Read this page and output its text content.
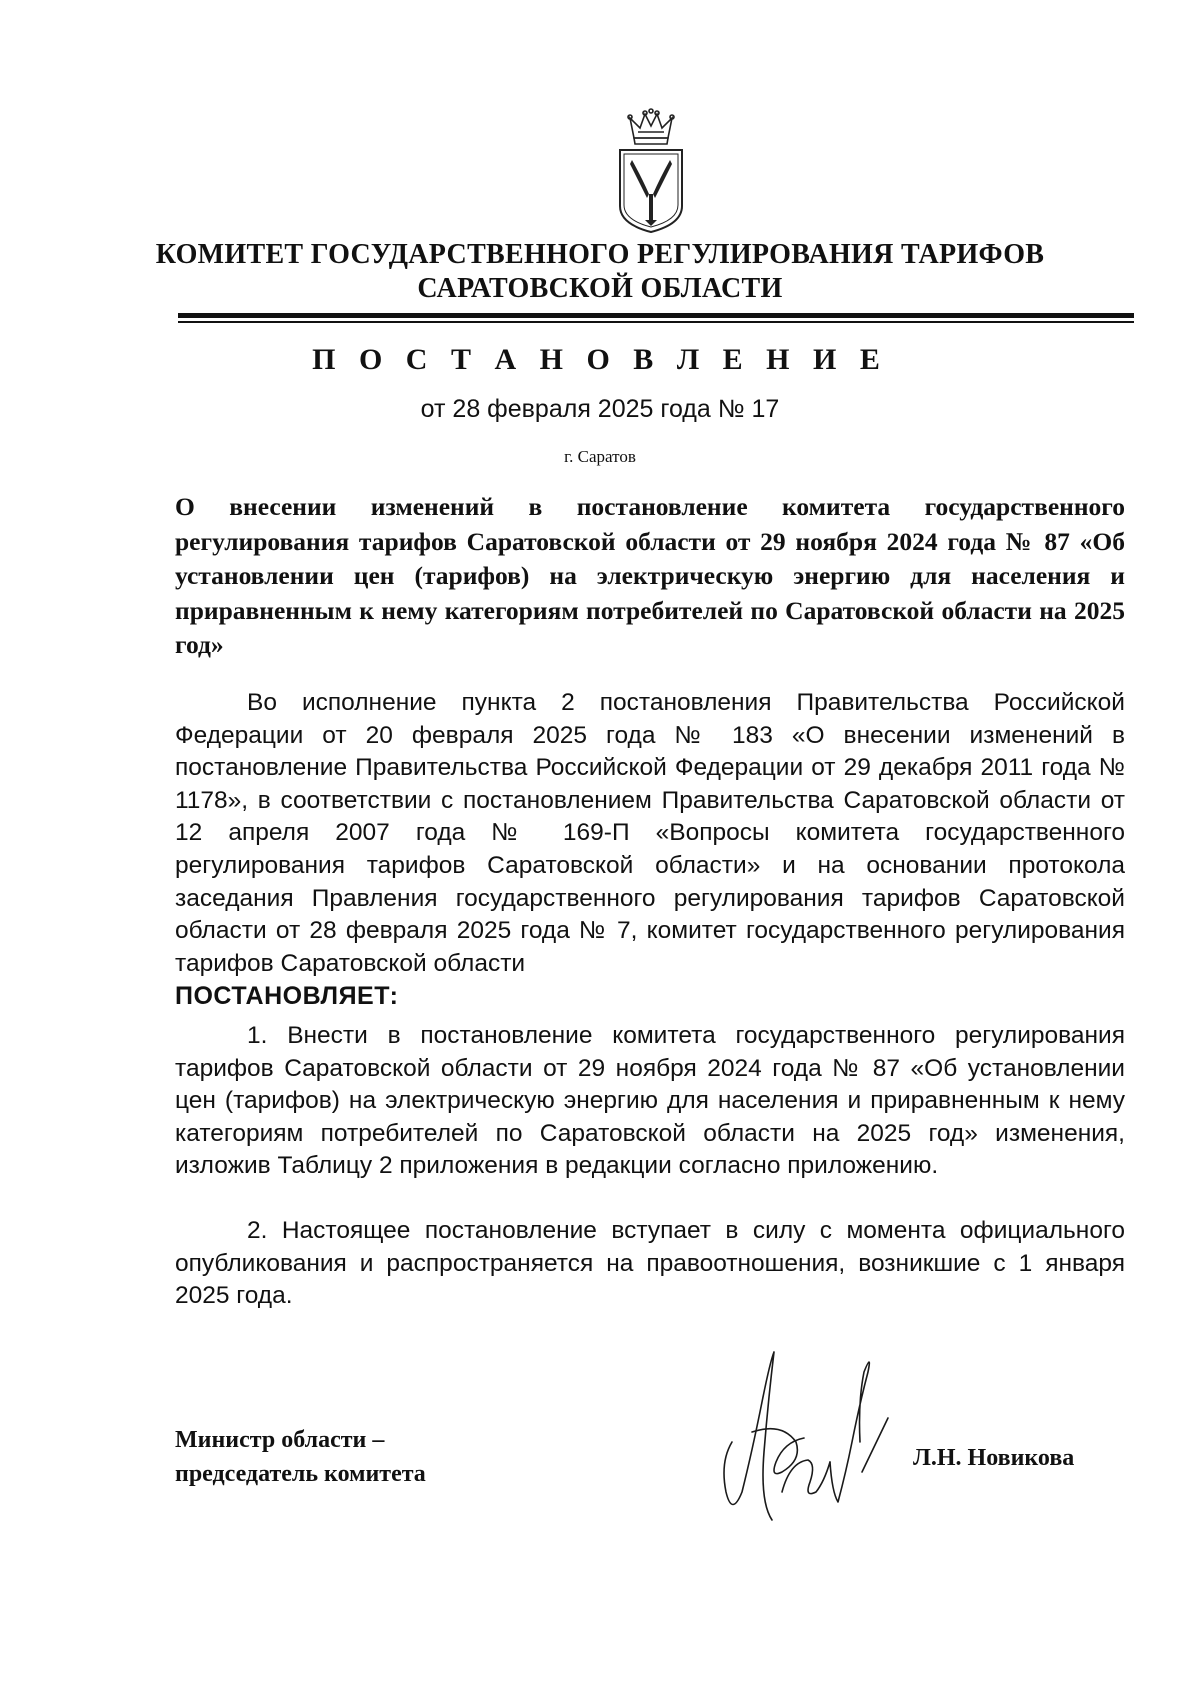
КОМИТЕТ ГОСУДАРСТВЕННОГО РЕГУЛИРОВАНИЯ ТАРИФОВ
САРАТОВСКОЙ ОБЛАСТИ
П О С Т А Н О В Л Е Н И Е
от 28 февраля 2025 года № 17
г. Саратов
О внесении изменений в постановление комитета государственного регулирования тарифов Саратовской области от 29 ноября 2024 года № 87 «Об установлении цен (тарифов) на электрическую энергию для населения и приравненным к нему категориям потребителей по Саратовской области на 2025 год»
Во исполнение пункта 2 постановления Правительства Российской Федерации от 20 февраля 2025 года № 183 «О внесении изменений в постановление Правительства Российской Федерации от 29 декабря 2011 года № 1178», в соответствии с постановлением Правительства Саратовской области от 12 апреля 2007 года № 169-П «Вопросы комитета государственного регулирования тарифов Саратовской области» и на основании протокола заседания Правления государственного регулирования тарифов Саратовской области от 28 февраля 2025 года № 7, комитет государственного регулирования тарифов Саратовской области
ПОСТАНОВЛЯЕТ:
1. Внести в постановление комитета государственного регулирования тарифов Саратовской области от 29 ноября 2024 года № 87 «Об установлении цен (тарифов) на электрическую энергию для населения и приравненным к нему категориям потребителей по Саратовской области на 2025 год» изменения, изложив Таблицу 2 приложения в редакции согласно приложению.
2. Настоящее постановление вступает в силу с момента официального опубликования и распространяется на правоотношения, возникшие с 1 января 2025 года.
Министр области –
председатель комитета
Л.Н. Новикова
